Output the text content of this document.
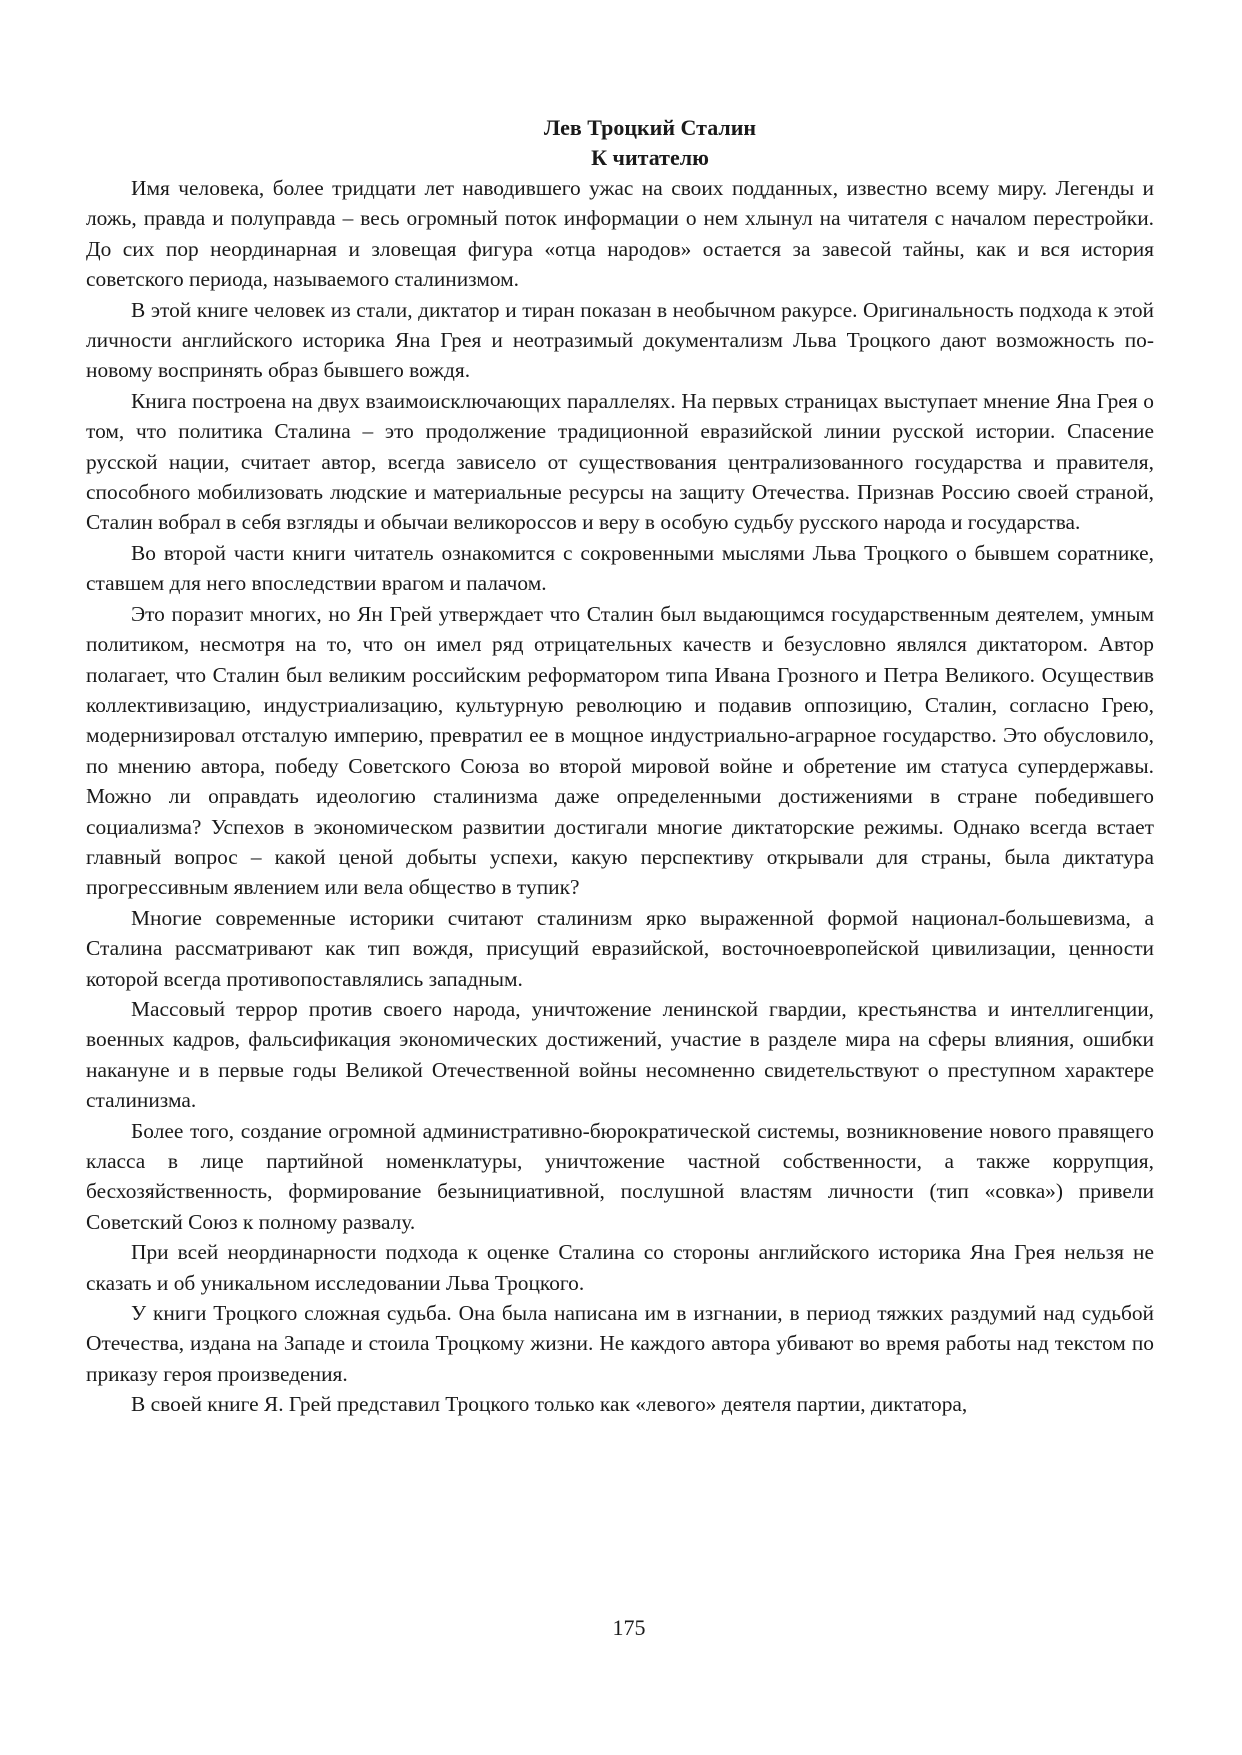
Лев Троцкий Сталин
К читателю

Имя человека, более тридцати лет наводившего ужас на своих подданных, известно всему миру. Легенды и ложь, правда и полуправда – весь огромный поток информации о нем хлынул на читателя с началом перестройки. До сих пор неординарная и зловещая фигура «отца народов» остается за завесой тайны, как и вся история советского периода, называемого сталинизмом.

В этой книге человек из стали, диктатор и тиран показан в необычном ракурсе. Оригинальность подхода к этой личности английского историка Яна Грея и неотразимый документализм Льва Троцкого дают возможность по-новому воспринять образ бывшего вождя.

Книга построена на двух взаимоисключающих параллелях. На первых страницах выступает мнение Яна Грея о том, что политика Сталина – это продолжение традиционной евразийской линии русской истории. Спасение русской нации, считает автор, всегда зависело от существования централизованного государства и правителя, способного мобилизовать людские и материальные ресурсы на защиту Отечества. Признав Россию своей страной, Сталин вобрал в себя взгляды и обычаи великороссов и веру в особую судьбу русского народа и государства.

Во второй части книги читатель ознакомится с сокровенными мыслями Льва Троцкого о бывшем соратнике, ставшем для него впоследствии врагом и палачом.

Это поразит многих, но Ян Грей утверждает что Сталин был выдающимся государственным деятелем, умным политиком, несмотря на то, что он имел ряд отрицательных качеств и безусловно являлся диктатором. Автор полагает, что Сталин был великим российским реформатором типа Ивана Грозного и Петра Великого. Осуществив коллективизацию, индустриализацию, культурную революцию и подавив оппозицию, Сталин, согласно Грею, модернизировал отсталую империю, превратил ее в мощное индустриально-аграрное государство. Это обусловило, по мнению автора, победу Советского Союза во второй мировой войне и обретение им статуса супердержавы. Можно ли оправдать идеологию сталинизма даже определенными достижениями в стране победившего социализма? Успехов в экономическом развитии достигали многие диктаторские режимы. Однако всегда встает главный вопрос – какой ценой добыты успехи, какую перспективу открывали для страны, была диктатура прогрессивным явлением или вела общество в тупик?

Многие современные историки считают сталинизм ярко выраженной формой национал-большевизма, а Сталина рассматривают как тип вождя, присущий евразийской, восточноевропейской цивилизации, ценности которой всегда противопоставлялись западным.

Массовый террор против своего народа, уничтожение ленинской гвардии, крестьянства и интеллигенции, военных кадров, фальсификация экономических достижений, участие в разделе мира на сферы влияния, ошибки накануне и в первые годы Великой Отечественной войны несомненно свидетельствуют о преступном характере сталинизма.

Более того, создание огромной административно-бюрократической системы, возникновение нового правящего класса в лице партийной номенклатуры, уничтожение частной собственности, а также коррупция, бесхозяйственность, формирование безынициативной, послушной властям личности (тип «совка») привели Советский Союз к полному развалу.

При всей неординарности подхода к оценке Сталина со стороны английского историка Яна Грея нельзя не сказать и об уникальном исследовании Льва Троцкого.

У книги Троцкого сложная судьба. Она была написана им в изгнании, в период тяжких раздумий над судьбой Отечества, издана на Западе и стоила Троцкому жизни. Не каждого автора убивают во время работы над текстом по приказу героя произведения.

В своей книге Я. Грей представил Троцкого только как «левого» деятеля партии, диктатора,

175
